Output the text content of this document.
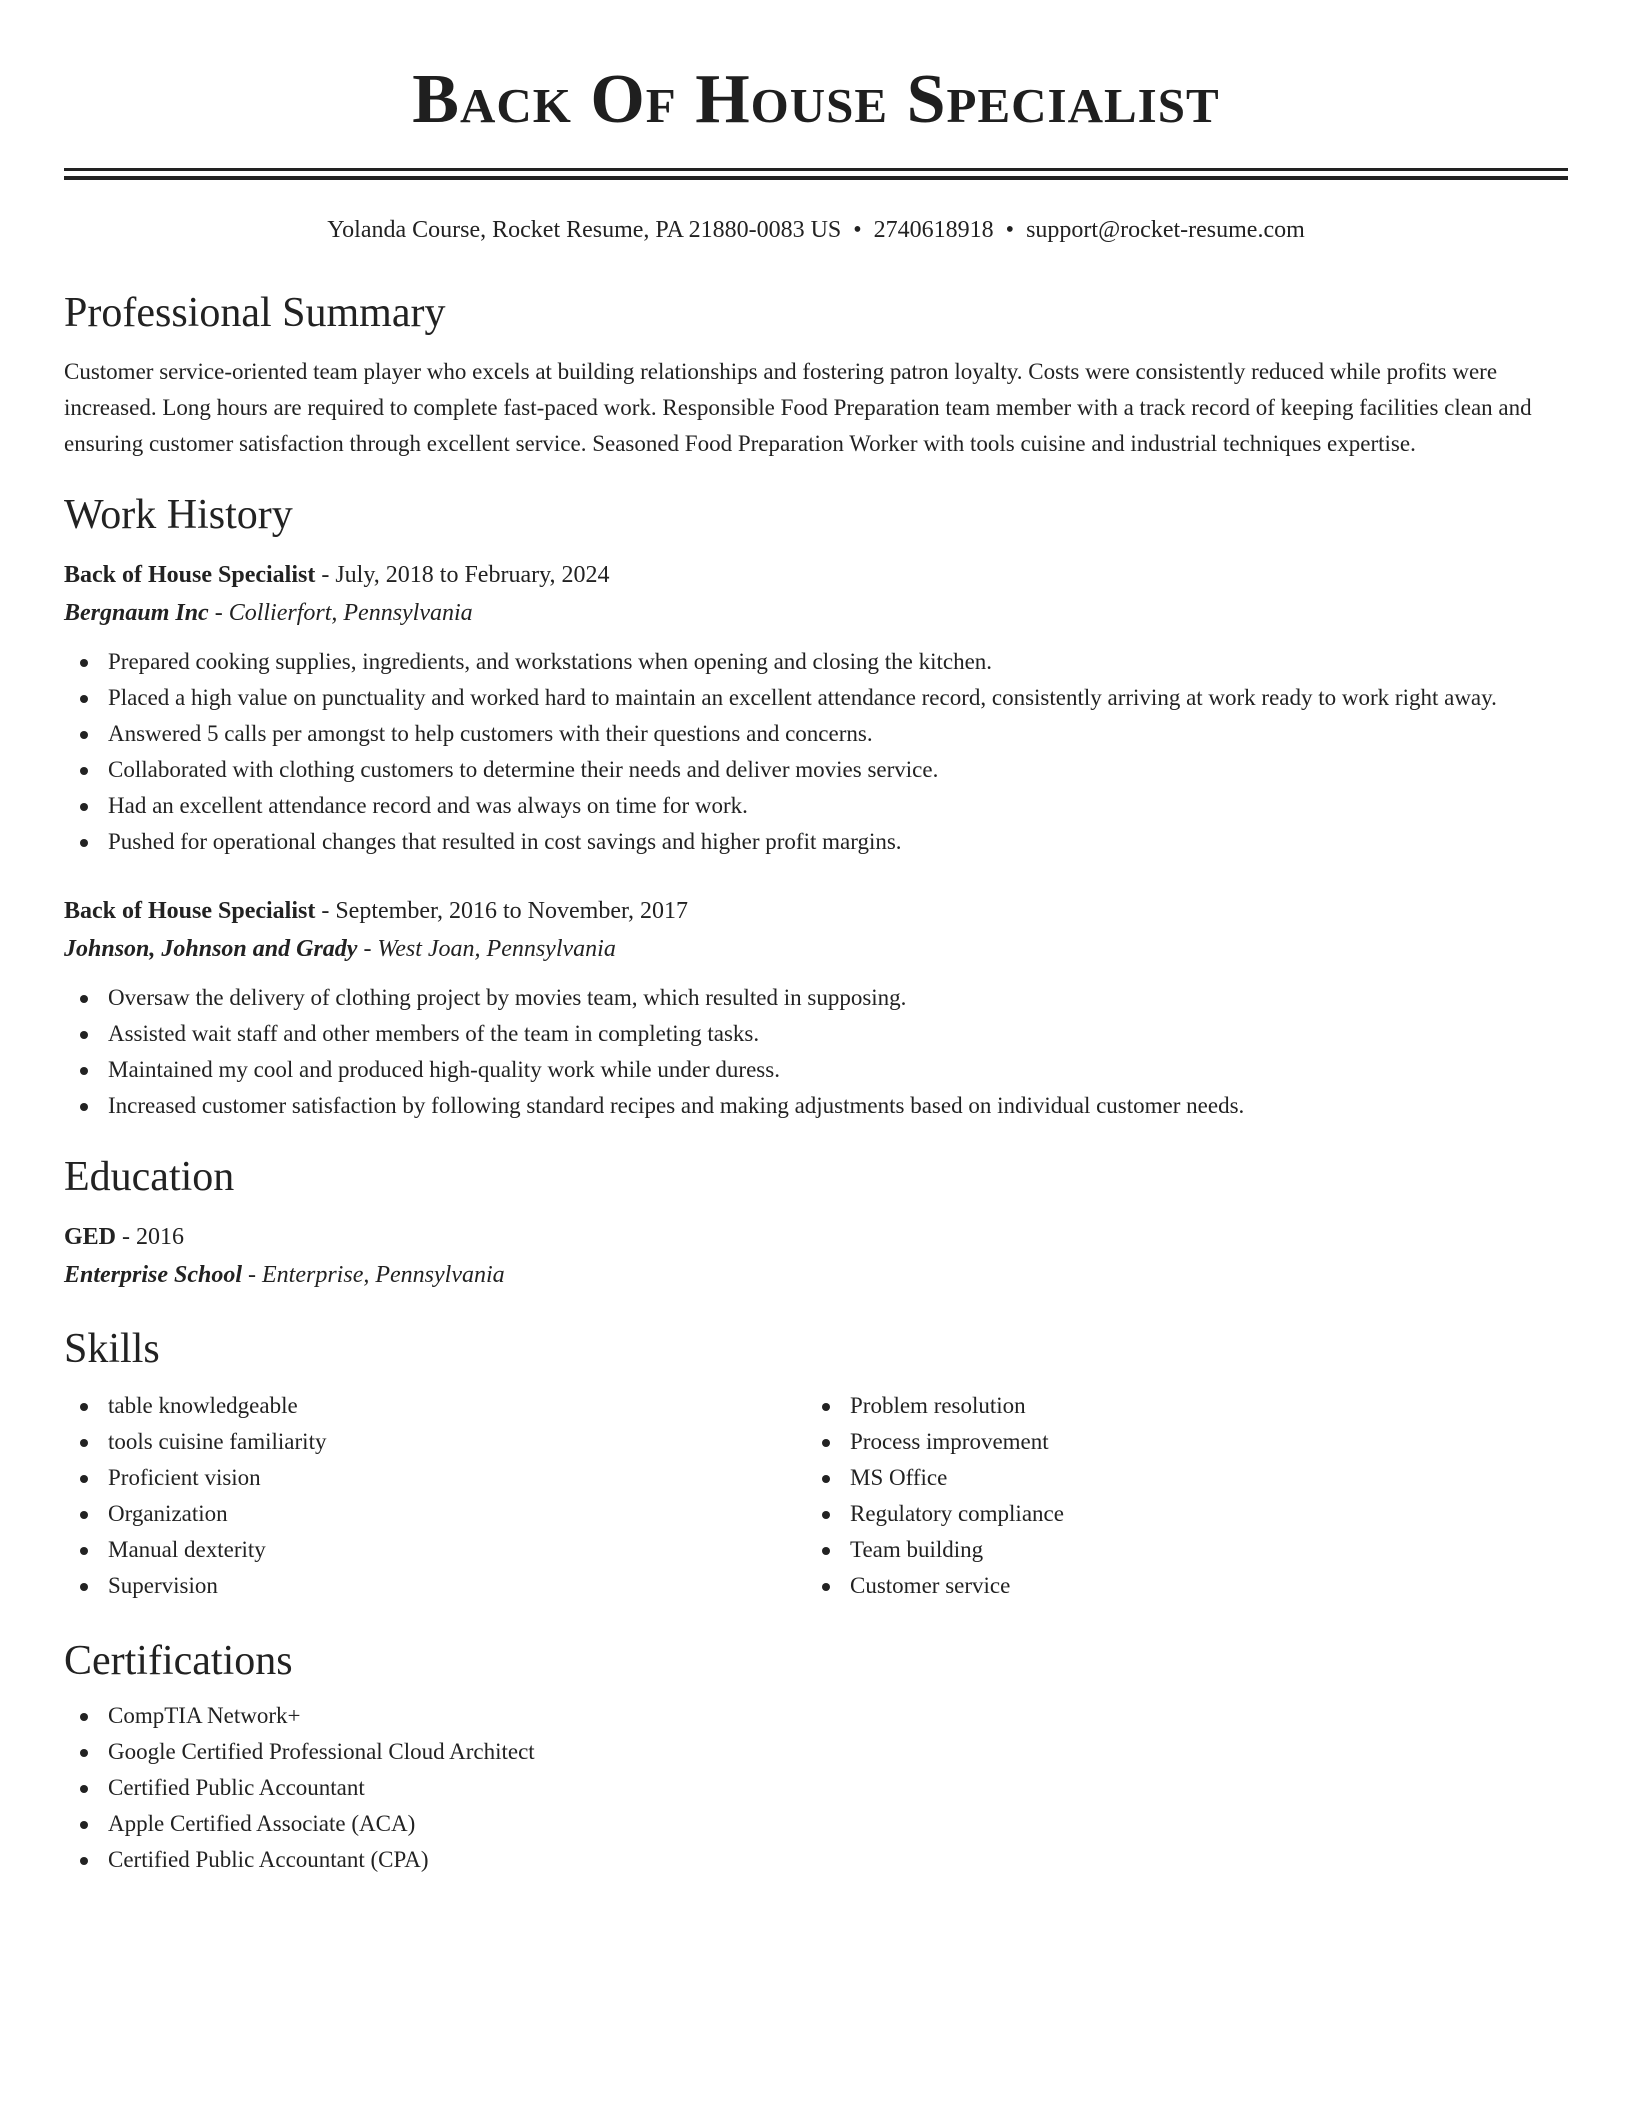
Back Of House Specialist
Yolanda Course, Rocket Resume, PA 21880-0083 US • 2740618918 • support@rocket-resume.com
Professional Summary

Customer service-oriented team player who excels at building relationships and fostering patron loyalty. Costs were consistently reduced while profits were increased. Long hours are required to complete fast-paced work. Responsible Food Preparation team member with a track record of keeping facilities clean and ensuring customer satisfaction through excellent service. Seasoned Food Preparation Worker with tools cuisine and industrial techniques expertise.

Work History
Back of House Specialist - July, 2018 to February, 2024
Bergnaum Inc - Collierfort, Pennsylvania
Prepared cooking supplies, ingredients, and workstations when opening and closing the kitchen.
Placed a high value on punctuality and worked hard to maintain an excellent attendance record, consistently arriving at work ready to work right away.
Answered 5 calls per amongst to help customers with their questions and concerns.
Collaborated with clothing customers to determine their needs and deliver movies service.
Had an excellent attendance record and was always on time for work.
Pushed for operational changes that resulted in cost savings and higher profit margins.
Back of House Specialist - September, 2016 to November, 2017
Johnson, Johnson and Grady - West Joan, Pennsylvania
Oversaw the delivery of clothing project by movies team, which resulted in supposing.
Assisted wait staff and other members of the team in completing tasks.
Maintained my cool and produced high-quality work while under duress.
Increased customer satisfaction by following standard recipes and making adjustments based on individual customer needs.
Education
GED - 2016
Enterprise School - Enterprise, Pennsylvania
Skills
table knowledgeable
tools cuisine familiarity
Proficient vision
Organization
Manual dexterity
Supervision
Problem resolution
Process improvement
MS Office
Regulatory compliance
Team building
Customer service
Certifications
CompTIA Network+
Google Certified Professional Cloud Architect
Certified Public Accountant
Apple Certified Associate (ACA)
Certified Public Accountant (CPA)
